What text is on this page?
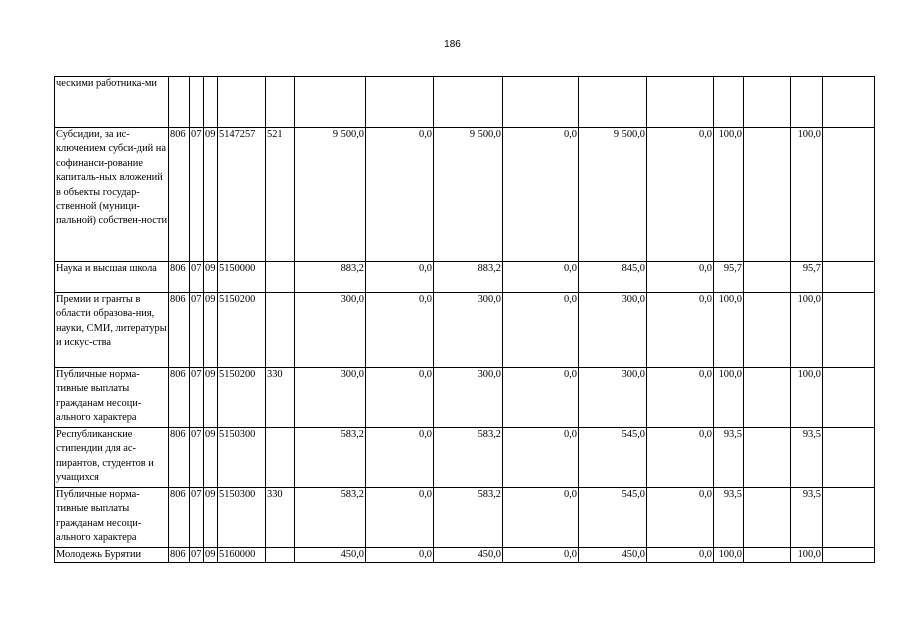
186
ческими работника-ми															
Субсидии, за ис-ключением субси-дий на софинанси-рование капиталь-ных вложений в объекты государ-ственной (муници-пальной) собствен-ности	806	07	09	5147257	521	9 500,0	0,0	9 500,0	0,0	9 500,0	0,0	100,0		100,0	
Наука и высшая школа	806	07	09	5150000		883,2	0,0	883,2	0,0	845,0	0,0	95,7		95,7	
Премии и гранты в области образова-ния, науки, СМИ, литературы и искус-ства	806	07	09	5150200		300,0	0,0	300,0	0,0	300,0	0,0	100,0		100,0	
Публичные норма-тивные выплаты гражданам несоци-ального характера	806	07	09	5150200	330	300,0	0,0	300,0	0,0	300,0	0,0	100,0		100,0	
Республиканские стипендии для ас-пирантов, студентов и учащихся	806	07	09	5150300		583,2	0,0	583,2	0,0	545,0	0,0	93,5		93,5	
Публичные норма-тивные выплаты гражданам несоци-ального характера	806	07	09	5150300	330	583,2	0,0	583,2	0,0	545,0	0,0	93,5		93,5	
Молодежь Бурятии	806	07	09	5160000		450,0	0,0	450,0	0,0	450,0	0,0	100,0		100,0	
